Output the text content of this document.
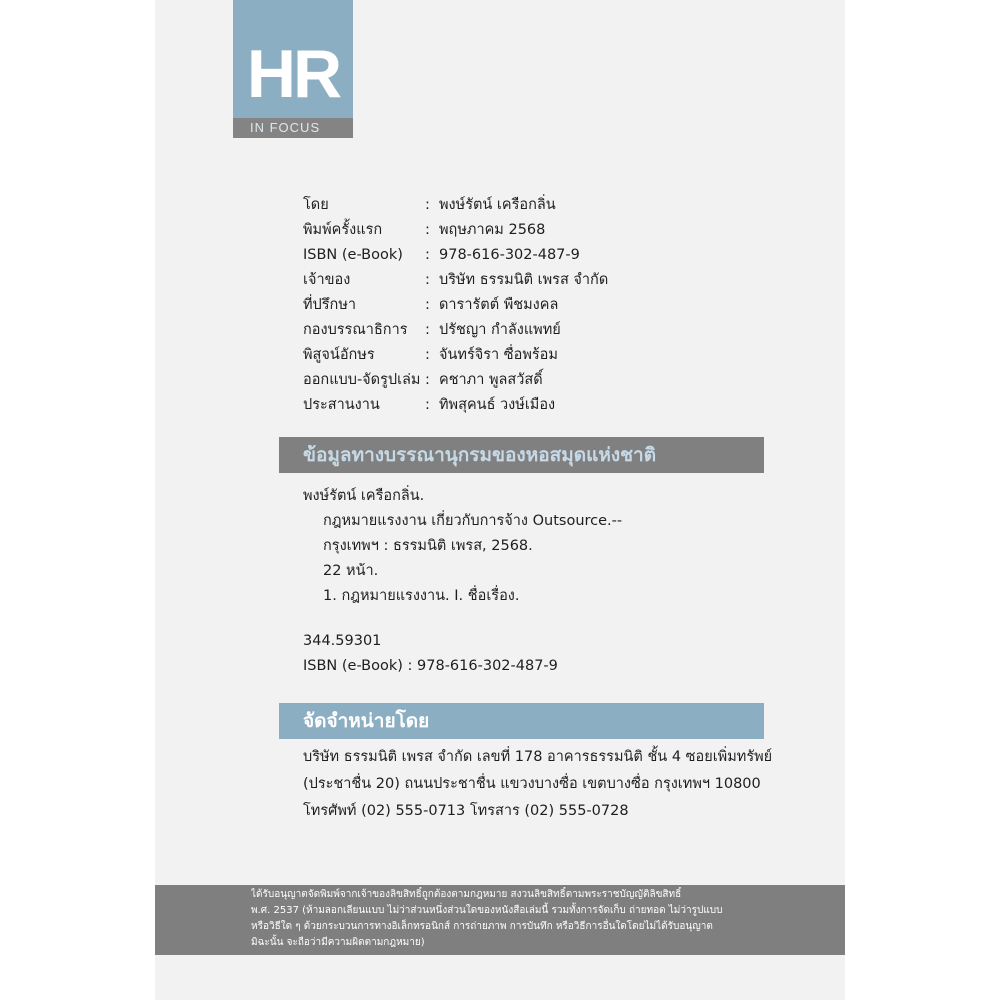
HR
IN FOCUS
โดย	: พงษ์รัตน์ เครือกลิ่น
พิมพ์ครั้งแรก	: พฤษภาคม 2568
ISBN (e-Book) : 978-616-302-487-9
เจ้าของ	: บริษัท ธรรมนิติ เพรส จำกัด
ที่ปรึกษา	: ดารารัตต์ พืชมงคล
กองบรรณาธิการ : ปรัชญา กำลังแพทย์
พิสูจน์อักษร	: จันทร์จิรา ซื่อพร้อม
ออกแบบ-จัดรูปเล่ม : คชาภา พูลสวัสดิ์
ประสานงาน	: ทิพสุคนธ์ วงษ์เมือง
ข้อมูลทางบรรณานุกรมของหอสมุดแห่งชาติ
พงษ์รัตน์ เครือกลิ่น.
กฎหมายแรงงาน เกี่ยวกับการจ้าง Outsource.--
กรุงเทพฯ : ธรรมนิติ เพรส, 2568.
22 หน้า.
1. กฎหมายแรงงาน. I. ชื่อเรื่อง.
344.59301
ISBN (e-Book) : 978-616-302-487-9
จัดจำหน่ายโดย
บริษัท ธรรมนิติ เพรส จำกัด เลขที่ 178 อาคารธรรมนิติ ชั้น 4 ซอยเพิ่มทรัพย์
(ประชาชื่น 20) ถนนประชาชื่น แขวงบางซื่อ เขตบางซื่อ กรุงเทพฯ 10800
โทรศัพท์ (02) 555-0713 โทรสาร (02) 555-0728
ได้รับอนุญาตจัดพิมพ์จากเจ้าของลิขสิทธิ์ถูกต้องตามกฎหมาย สงวนลิขสิทธิ์ตามพระราชบัญญัติลิขสิทธิ์
พ.ศ. 2537 (ห้ามลอกเลียนแบบ ไม่ว่าส่วนหนึ่งส่วนใดของหนังสือเล่มนี้ รวมทั้งการจัดเก็บ ถ่ายทอด ไม่ว่ารูปแบบ
หรือวิธีใด ๆ ด้วยกระบวนการทางอิเล็กทรอนิกส์ การถ่ายภาพ การบันทึก หรือวิธีการอื่นใดโดยไม่ได้รับอนุญาต
มิฉะนั้น จะถือว่ามีความผิดตามกฎหมาย)
